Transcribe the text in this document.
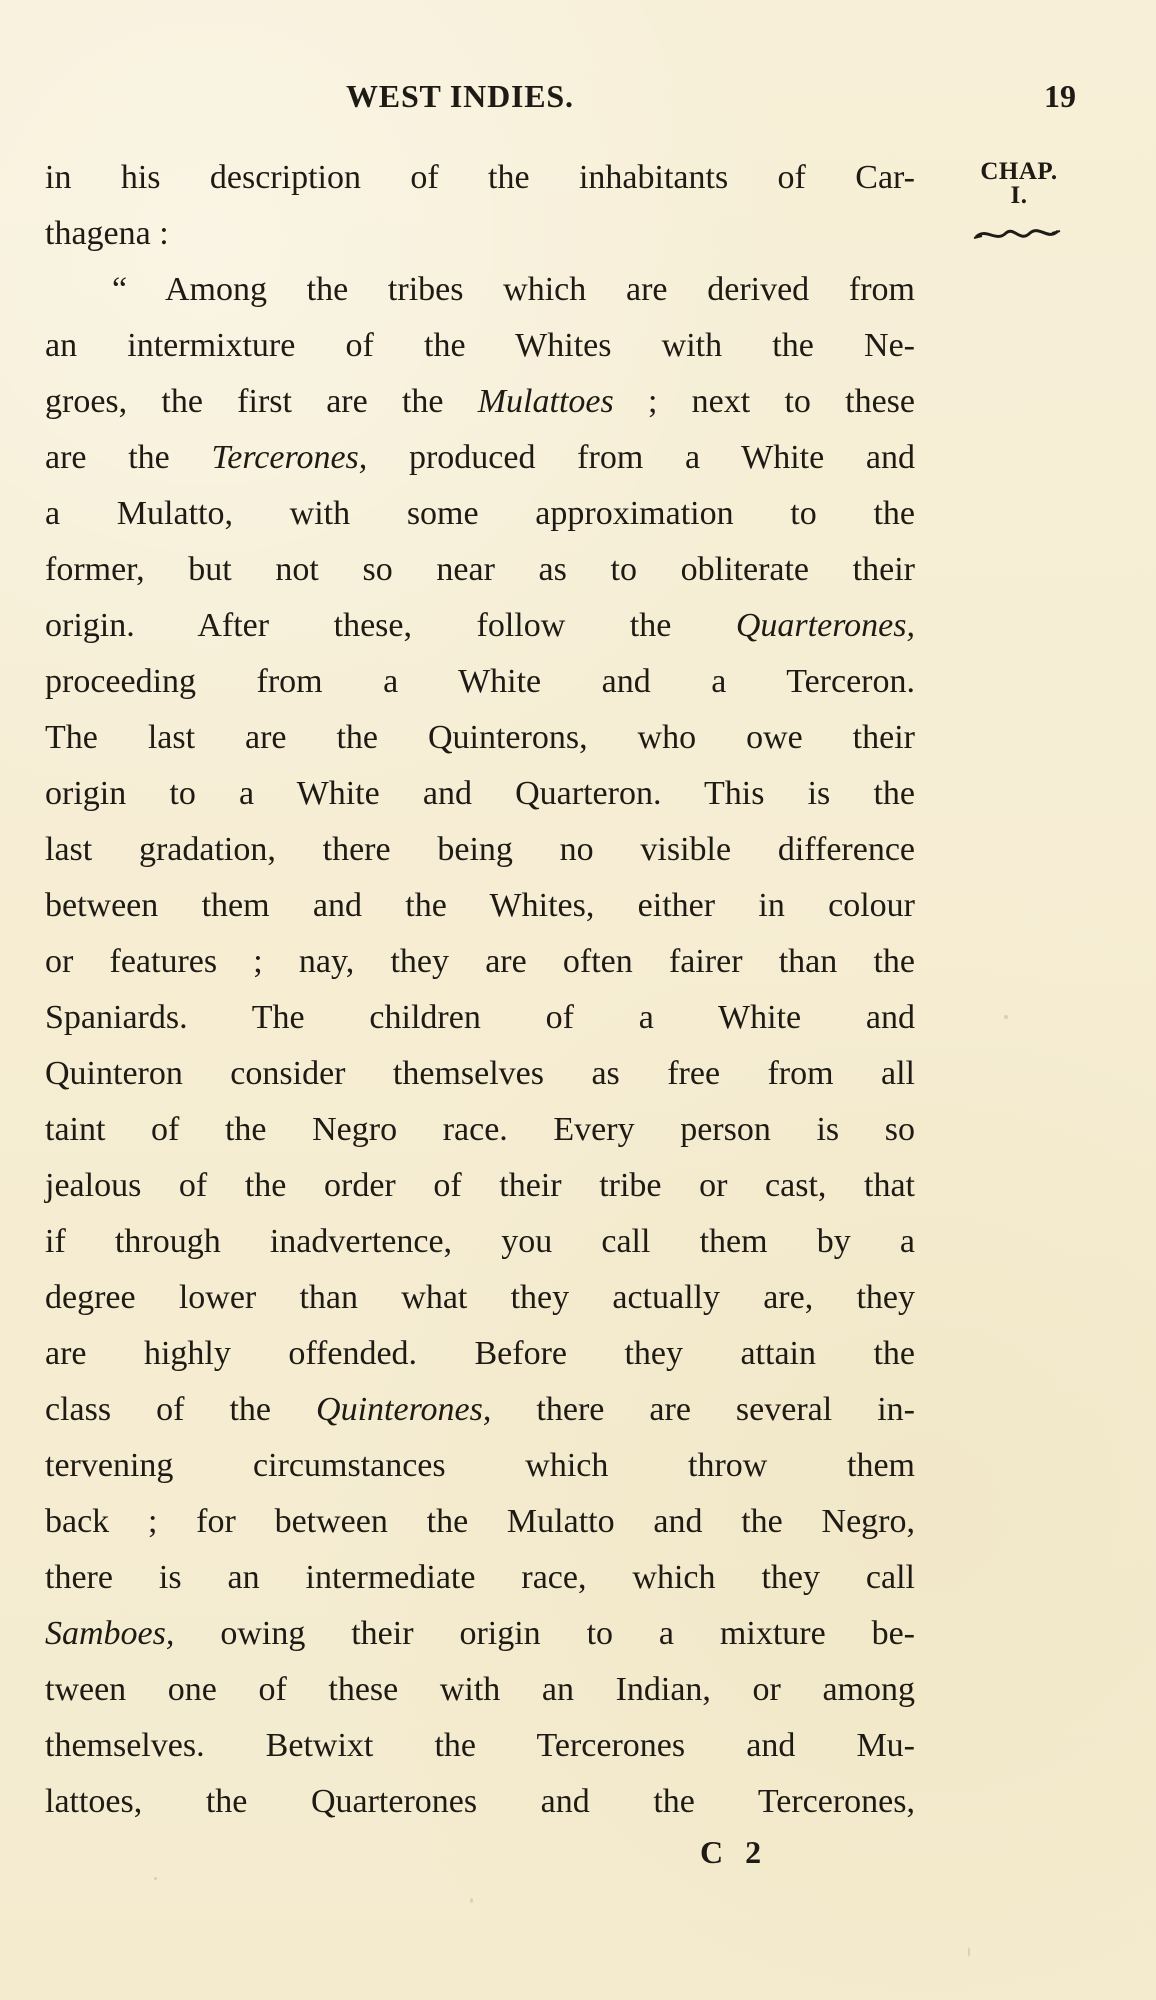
WEST INDIES.	19
CHAP.
I.
in his description of the inhabitants of Car-
thagena :
“ Among the tribes which are derived from
an intermixture of the Whites with the Ne-
groes, the first are the Mulattoes ; next to these
are the Tercerones, produced from a White and
a Mulatto, with some approximation to the
former, but not so near as to obliterate their
origin. After these, follow the Quarterones,
proceeding from a White and a Terceron.
The last are the Quinterons, who owe their
origin to a White and Quarteron. This is the
last gradation, there being no visible difference
between them and the Whites, either in colour
or features ; nay, they are often fairer than the
Spaniards. The children of a White and
Quinteron consider themselves as free from all
taint of the Negro race. Every person is so
jealous of the order of their tribe or cast, that
if through inadvertence, you call them by a
degree lower than what they actually are, they
are highly offended. Before they attain the
class of the Quinterones, there are several in-
tervening circumstances which throw them
back ; for between the Mulatto and the Negro,
there is an intermediate race, which they call
Samboes, owing their origin to a mixture be-
tween one of these with an Indian, or among
themselves. Betwixt the Tercerones and Mu-
lattoes, the Quarterones and the Tercerones,
C 2
